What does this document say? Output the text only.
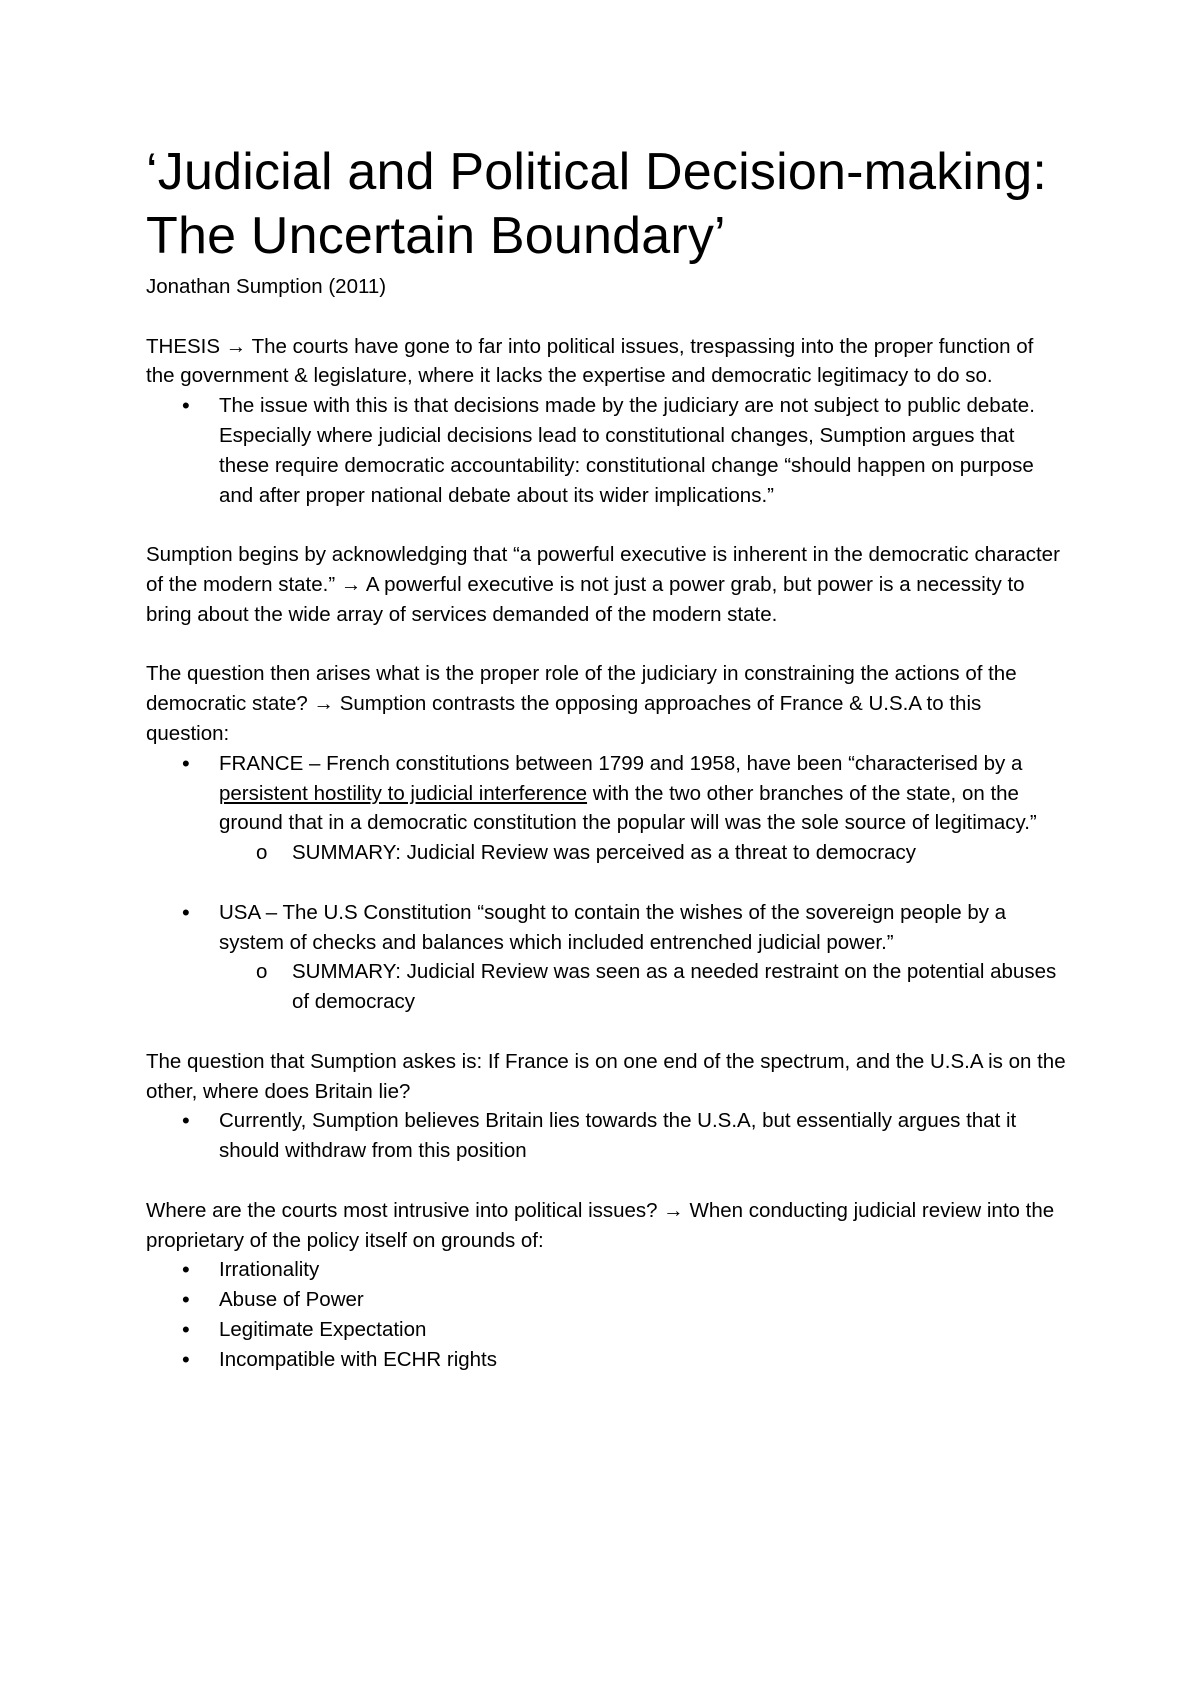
‘Judicial and Political Decision-making: The Uncertain Boundary’

Jonathan Sumption (2011)

THESIS → The courts have gone to far into political issues, trespassing into the proper function of the government & legislature, where it lacks the expertise and democratic legitimacy to do so.

• The issue with this is that decisions made by the judiciary are not subject to public debate. Especially where judicial decisions lead to constitutional changes, Sumption argues that these require democratic accountability: constitutional change “should happen on purpose and after proper national debate about its wider implications.”

Sumption begins by acknowledging that “a powerful executive is inherent in the democratic character of the modern state.” → A powerful executive is not just a power grab, but power is a necessity to bring about the wide array of services demanded of the modern state.

The question then arises what is the proper role of the judiciary in constraining the actions of the democratic state? → Sumption contrasts the opposing approaches of France & U.S.A to this question:

• FRANCE – French constitutions between 1799 and 1958, have been “characterised by a persistent hostility to judicial interference with the two other branches of the state, on the ground that in a democratic constitution the popular will was the sole source of legitimacy.”
o SUMMARY: Judicial Review was perceived as a threat to democracy
• USA – The U.S Constitution “sought to contain the wishes of the sovereign people by a system of checks and balances which included entrenched judicial power.”
o SUMMARY: Judicial Review was seen as a needed restraint on the potential abuses of democracy

The question that Sumption askes is: If France is on one end of the spectrum, and the U.S.A is on the other, where does Britain lie?

• Currently, Sumption believes Britain lies towards the U.S.A, but essentially argues that it should withdraw from this position

Where are the courts most intrusive into political issues? → When conducting judicial review into the proprietary of the policy itself on grounds of:

• Irrationality
• Abuse of Power
• Legitimate Expectation
• Incompatible with ECHR rights
